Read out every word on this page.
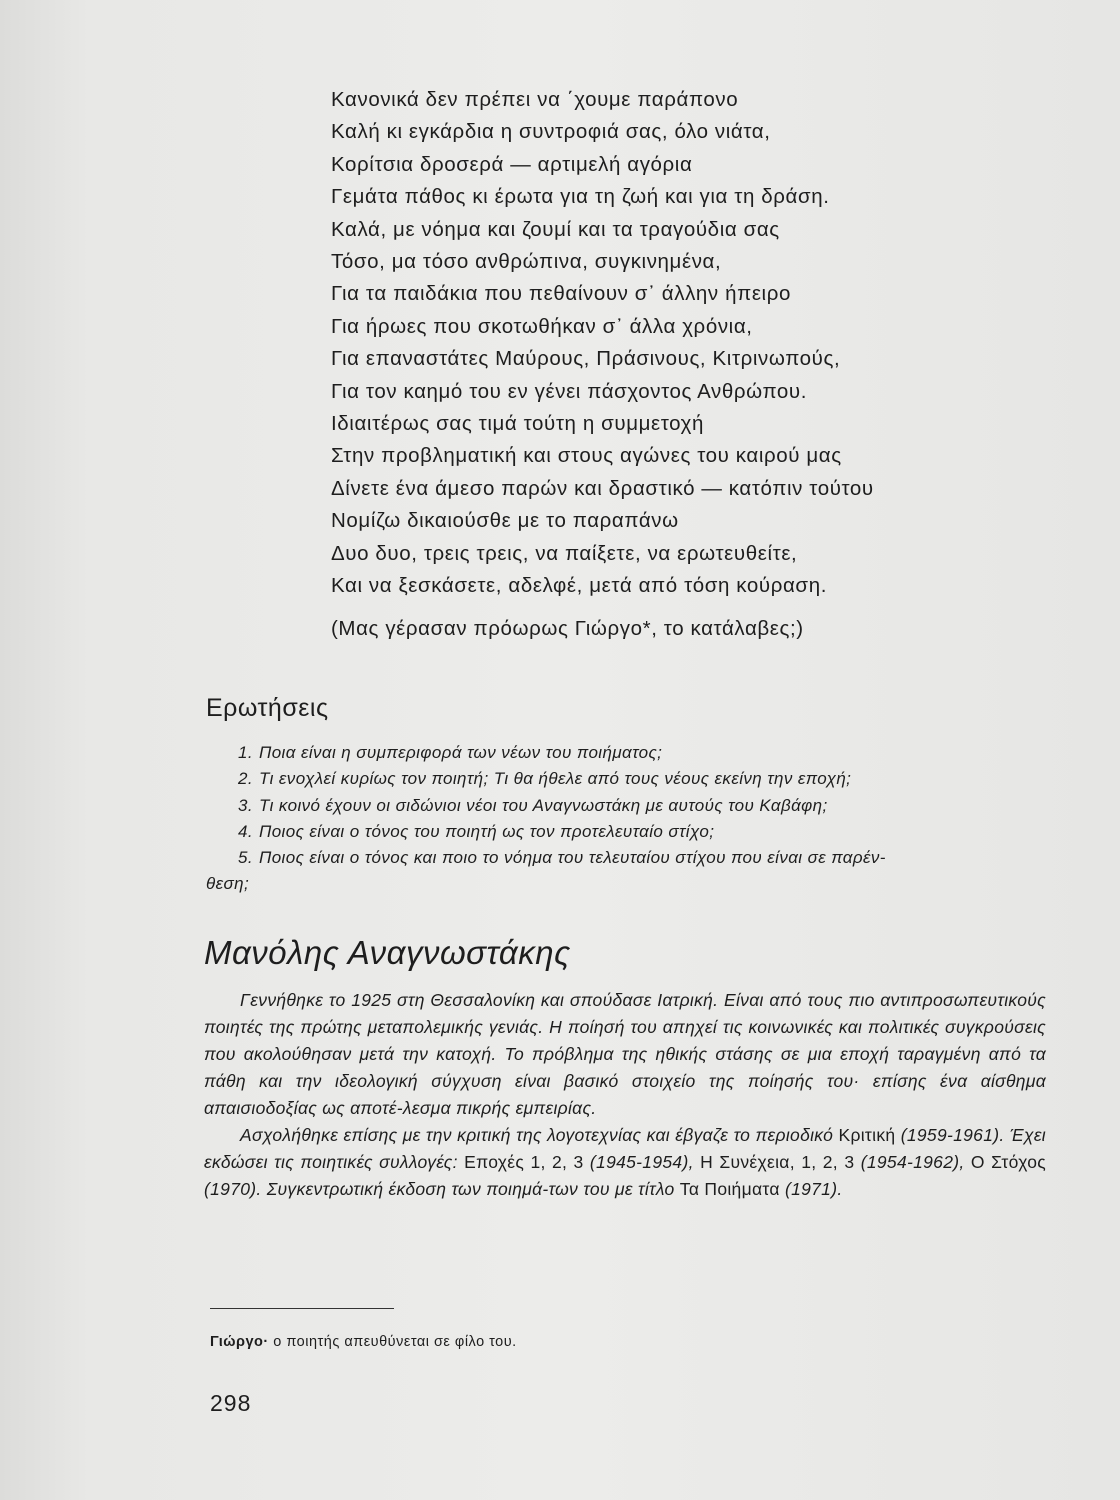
Κανονικά δεν πρέπει να ΄χουμε παράπονο
Καλή κι εγκάρδια η συντροφιά σας, όλο νιάτα,
Κορίτσια δροσερά — αρτιμελή αγόρια
Γεμάτα πάθος κι έρωτα για τη ζωή και για τη δράση.
Καλά, με νόημα και ζουμί και τα τραγούδια σας
Τόσο, μα τόσο ανθρώπινα, συγκινημένα,
Για τα παιδάκια που πεθαίνουν σ᾽ άλλην ήπειρο
Για ήρωες που σκοτωθήκαν σ᾽ άλλα χρόνια,
Για επαναστάτες Μαύρους, Πράσινους, Κιτρινωπούς,
Για τον καημό του εν γένει πάσχοντος Ανθρώπου.
Ιδιαιτέρως σας τιμά τούτη η συμμετοχή
Στην προβληματική και στους αγώνες του καιρού μας
Δίνετε ένα άμεσο παρών και δραστικό — κατόπιν τούτου
Νομίζω δικαιούσθε με το παραπάνω
Δυο δυο, τρεις τρεις, να παίξετε, να ερωτευθείτε,
Και να ξεσκάσετε, αδελφέ, μετά από τόση κούραση.
(Μας γέρασαν πρόωρως Γιώργο*, το κατάλαβες;)
Ερωτήσεις
1. Ποια είναι η συμπεριφορά των νέων του ποιήματος;
2. Τι ενοχλεί κυρίως τον ποιητή; Τι θα ήθελε από τους νέους εκείνη την εποχή;
3. Τι κοινό έχουν οι σιδώνιοι νέοι του Αναγνωστάκη με αυτούς του Καβάφη;
4. Ποιος είναι ο τόνος του ποιητή ως τον προτελευταίο στίχο;
5. Ποιος είναι ο τόνος και ποιο το νόημα του τελευταίου στίχου που είναι σε παρέν-
θεση;
Μανόλης Αναγνωστάκης

Γεννήθηκε το 1925 στη Θεσσαλονίκη και σπούδασε Ιατρική. Είναι από τους πιο αντιπροσωπευτικούς ποιητές της πρώτης μεταπολεμικής γενιάς. Η ποίησή του απηχεί τις κοινωνικές και πολιτικές συγκρούσεις που ακολούθησαν μετά την κατοχή. Το πρόβλημα της ηθικής στάσης σε μια εποχή ταραγμένη από τα πάθη και την ιδεολογική σύγχυση είναι βασικό στοιχείο της ποίησής του· επίσης ένα αίσθημα απαισιοδοξίας ως αποτέ-λεσμα πικρής εμπειρίας.

Ασχολήθηκε επίσης με την κριτική της λογοτεχνίας και έβγαζε το περιοδικό Κριτική (1959-1961). Έχει εκδώσει τις ποιητικές συλλογές: Εποχές 1, 2, 3 (1945-1954), Η Συνέχεια, 1, 2, 3 (1954-1962), Ο Στόχος (1970). Συγκεντρωτική έκδοση των ποιημά-των του με τίτλο Τα Ποιήματα (1971).

Γιώργο· ο ποιητής απευθύνεται σε φίλο του.
298
